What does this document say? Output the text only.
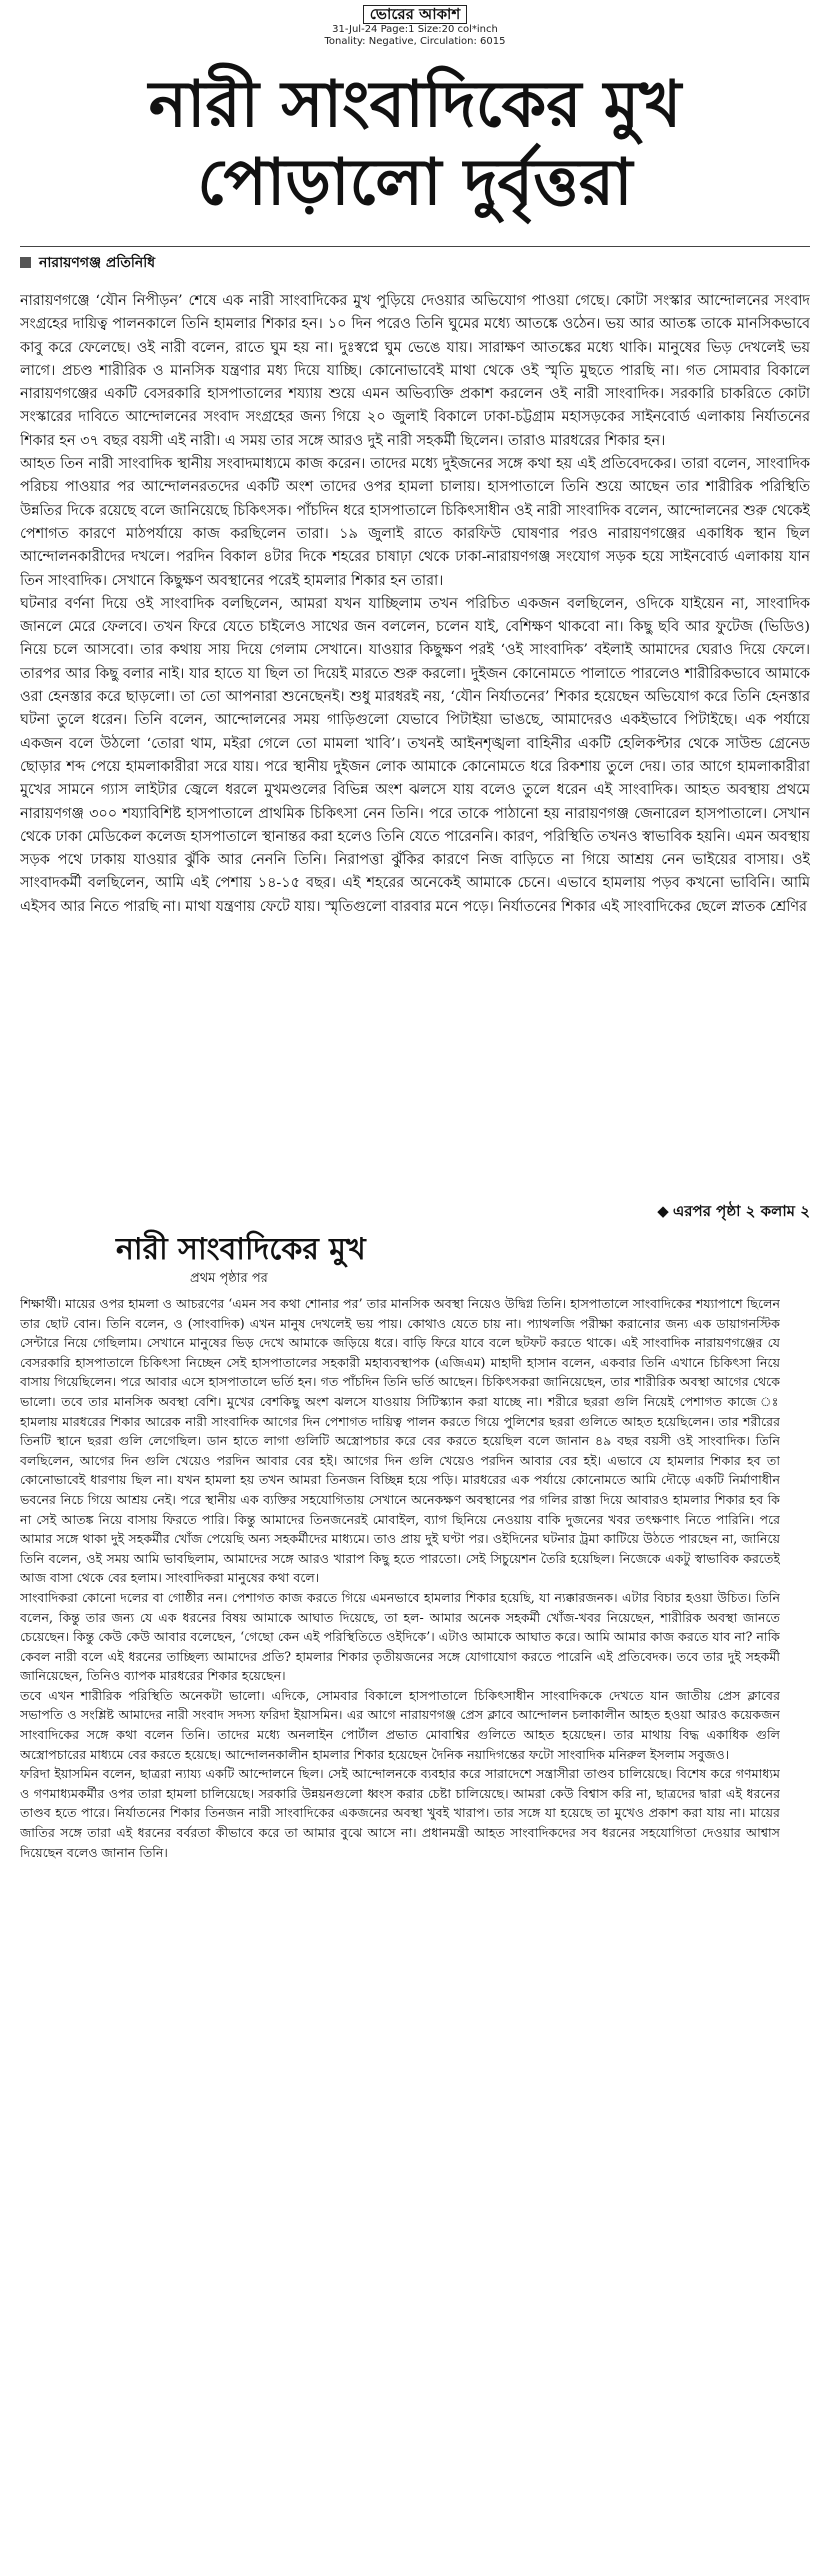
ভোরের আকাশ
31-Jul-24 Page:1 Size:20 col*inch
Tonality: Negative, Circulation: 6015
নারী সাংবাদিকের মুখ
পোড়ালো দুর্বৃত্তরা
নারায়ণগঞ্জ প্রতিনিধি

নারায়ণগঞ্জে ‘যৌন নিপীড়ন’ শেষে এক নারী সাংবাদিকের মুখ পুড়িয়ে দেওয়ার অভিযোগ পাওয়া গেছে। কোটা সংস্কার আন্দোলনের সংবাদ সংগ্রহের দায়িত্ব পালনকালে তিনি হামলার শিকার হন। ১০ দিন পরেও তিনি ঘুমের মধ্যে আতঙ্কে ওঠেন। ভয় আর আতঙ্ক তাকে মানসিকভাবে কাবু করে ফেলেছে। ওই নারী বলেন, রাতে ঘুম হয় না। দুঃস্বপ্নে ঘুম ভেঙে যায়। সারাক্ষণ আতঙ্কের মধ্যে থাকি। মানুষের ভিড় দেখলেই ভয় লাগে। প্রচণ্ড শারীরিক ও মানসিক যন্ত্রণার মধ্য দিয়ে যাচ্ছি। কোনোভাবেই মাথা থেকে ওই স্মৃতি মুছতে পারছি না। গত সোমবার বিকালে নারায়ণগঞ্জের একটি বেসরকারি হাসপাতালের শয্যায় শুয়ে এমন অভিব্যক্তি প্রকাশ করলেন ওই নারী সাংবাদিক। সরকারি চাকরিতে কোটা সংস্কারের দাবিতে আন্দোলনের সংবাদ সংগ্রহের জন্য গিয়ে ২০ জুলাই বিকালে ঢাকা-চট্টগ্রাম মহাসড়কের সাইনবোর্ড এলাকায় নির্যাতনের শিকার হন ৩৭ বছর বয়সী এই নারী। এ সময় তার সঙ্গে আরও দুই নারী সহকর্মী ছিলেন। তারাও মারধরের শিকার হন।

আহত তিন নারী সাংবাদিক স্থানীয় সংবাদমাধ্যমে কাজ করেন। তাদের মধ্যে দুইজনের সঙ্গে কথা হয় এই প্রতিবেদকের। তারা বলেন, সাংবাদিক পরিচয় পাওয়ার পর আন্দোলনরতদের একটি অংশ তাদের ওপর হামলা চালায়। হাসপাতালে তিনি শুয়ে আছেন তার শারীরিক পরিস্থিতি উন্নতির দিকে রয়েছে বলে জানিয়েছে চিকিৎসক। পাঁচদিন ধরে হাসপাতালে চিকিৎসাধীন ওই নারী সাংবাদিক বলেন, আন্দোলনের শুরু থেকেই পেশাগত কারণে মাঠপর্যায়ে কাজ করছিলেন তারা। ১৯ জুলাই রাতে কারফিউ ঘোষণার পরও নারায়ণগঞ্জের একাধিক স্থান ছিল আন্দোলনকারীদের দখলে। পরদিন বিকাল ৪টার দিকে শহরের চাষাঢ়া থেকে ঢাকা-নারায়ণগঞ্জ সংযোগ সড়ক হয়ে সাইনবোর্ড এলাকায় যান তিন সাংবাদিক। সেখানে কিছুক্ষণ অবস্থানের পরেই হামলার শিকার হন তারা।

ঘটনার বর্ণনা দিয়ে ওই সাংবাদিক বলছিলেন, আমরা যখন যাচ্ছিলাম তখন পরিচিত একজন বলছিলেন, ওদিকে যাইয়েন না, সাংবাদিক জানলে মেরে ফেলবে। তখন ফিরে যেতে চাইলেও সাথের জন বললেন, চলেন যাই, বেশিক্ষণ থাকবো না। কিছু ছবি আর ফুটেজ (ভিডিও) নিয়ে চলে আসবো। তার কথায় সায় দিয়ে গেলাম সেখানে। যাওয়ার কিছুক্ষণ পরই ‘ওই সাংবাদিক’ বইলাই আমাদের ঘেরাও দিয়ে ফেলে। তারপর আর কিছু বলার নাই। যার হাতে যা ছিল তা দিয়েই মারতে শুরু করলো। দুইজন কোনোমতে পালাতে পারলেও শারীরিকভাবে আমাকে ওরা হেনস্তার করে ছাড়লো। তা তো আপনারা শুনেছেনই। শুধু মারধরই নয়, ‘যৌন নির্যাতনের’ শিকার হয়েছেন অভিযোগ করে তিনি হেনস্তার ঘটনা তুলে ধরেন। তিনি বলেন, আন্দোলনের সময় গাড়িগুলো যেভাবে পিটাইয়া ভাঙছে, আমাদেরও একইভাবে পিটাইছে। এক পর্যায়ে একজন বলে উঠলো ‘তোরা থাম, মইরা গেলে তো মামলা খাবি’। তখনই আইনশৃঙ্খলা বাহিনীর একটি হেলিকপ্টার থেকে সাউন্ড গ্রেনেড ছোড়ার শব্দ পেয়ে হামলাকারীরা সরে যায়। পরে স্থানীয় দুইজন লোক আমাকে কোনোমতে ধরে রিকশায় তুলে দেয়। তার আগে হামলাকারীরা মুখের সামনে গ্যাস লাইটার জ্বেলে ধরলে মুখমণ্ডলের বিভিন্ন অংশ ঝলসে যায় বলেও তুলে ধরেন এই সাংবাদিক। আহত অবস্থায় প্রথমে নারায়ণগঞ্জ ৩০০ শয্যাবিশিষ্ট হাসপাতালে প্রাথমিক চিকিৎসা নেন তিনি। পরে তাকে পাঠানো হয় নারায়ণগঞ্জ জেনারেল হাসপাতালে। সেখান থেকে ঢাকা মেডিকেল কলেজ হাসপাতালে স্থানান্তর করা হলেও তিনি যেতে পারেননি। কারণ, পরিস্থিতি তখনও স্বাভাবিক হয়নি। এমন অবস্থায় সড়ক পথে ঢাকায় যাওয়ার ঝুঁকি আর নেননি তিনি। নিরাপত্তা ঝুঁকির কারণে নিজ বাড়িতে না গিয়ে আশ্রয় নেন ভাইয়ের বাসায়। ওই সাংবাদকর্মী বলছিলেন, আমি এই পেশায় ১৪-১৫ বছর। এই শহরের অনেকেই আমাকে চেনে। এভাবে হামলায় পড়ব কখনো ভাবিনি। আমি এইসব আর নিতে পারছি না। মাথা যন্ত্রণায় ফেটে যায়। স্মৃতিগুলো বারবার মনে পড়ে। নির্যাতনের শিকার এই সাংবাদিকের ছেলে স্নাতক শ্রেণির

◆ এরপর পৃষ্ঠা ২ কলাম ২
নারী সাংবাদিকের মুখ
প্রথম পৃষ্ঠার পর

শিক্ষার্থী। মায়ের ওপর হামলা ও আচরণের ‘এমন সব কথা শোনার পর’ তার মানসিক অবস্থা নিয়েও উদ্বিগ্ন তিনি। হাসপাতালে সাংবাদিকের শয্যাপাশে ছিলেন তার ছোট বোন। তিনি বলেন, ও (সাংবাদিক) এখন মানুষ দেখলেই ভয় পায়। কোথাও যেতে চায় না। প্যাথলজি পরীক্ষা করানোর জন্য এক ডায়াগনস্টিক সেন্টারে নিয়ে গেছিলাম। সেখানে মানুষের ভিড় দেখে আমাকে জড়িয়ে ধরে। বাড়ি ফিরে যাবে বলে ছটফট করতে থাকে। এই সাংবাদিক নারায়ণগঞ্জের যে বেসরকারি হাসপাতালে চিকিৎসা নিচ্ছেন সেই হাসপাতালের সহকারী মহাব্যবস্থাপক (এজিএম) মাহাদী হাসান বলেন, একবার তিনি এখানে চিকিৎসা নিয়ে বাসায় গিয়েছিলেন। পরে আবার এসে হাসপাতালে ভর্তি হন। গত পাঁচদিন তিনি ভর্তি আছেন। চিকিৎসকরা জানিয়েছেন, তার শারীরিক অবস্থা আগের থেকে ভালো। তবে তার মানসিক অবস্থা বেশি। মুখের বেশকিছু অংশ ঝলসে যাওয়ায় সিটিস্ক্যান করা যাচ্ছে না। শরীরে ছররা গুলি নিয়েই পেশাগত কাজে ঃ হামলায় মারধরের শিকার আরেক নারী সাংবাদিক আগের দিন পেশাগত দায়িত্ব পালন করতে গিয়ে পুলিশের ছররা গুলিতে আহত হয়েছিলেন। তার শরীরের তিনটি স্থানে ছররা গুলি লেগেছিল। ডান হাতে লাগা গুলিটি অস্ত্রোপচার করে বের করতে হয়েছিল বলে জানান ৪৯ বছর বয়সী ওই সাংবাদিক। তিনি বলছিলেন, আগের দিন গুলি খেয়েও পরদিন আবার বের হই। আগের দিন গুলি খেয়েও পরদিন আবার বের হই। এভাবে যে হামলার শিকার হব তা কোনোভাবেই ধারণায় ছিল না। যখন হামলা হয় তখন আমরা তিনজন বিচ্ছিন্ন হয়ে পড়ি। মারধরের এক পর্যায়ে কোনোমতে আমি দৌড়ে একটি নির্মাণাধীন ভবনের নিচে গিয়ে আশ্রয় নেই। পরে স্থানীয় এক ব্যক্তির সহযোগিতায় সেখানে অনেকক্ষণ অবস্থানের পর গলির রাস্তা দিয়ে আবারও হামলার শিকার হব কি না সেই আতঙ্ক নিয়ে বাসায় ফিরতে পারি। কিন্তু আমাদের তিনজনেরই মোবাইল, ব্যাগ ছিনিয়ে নেওয়ায় বাকি দুজনের খবর তৎক্ষণাৎ নিতে পারিনি। পরে আমার সঙ্গে থাকা দুই সহকর্মীর খোঁজ পেয়েছি অন্য সহকর্মীদের মাধ্যমে। তাও প্রায় দুই ঘণ্টা পর। ওইদিনের ঘটনার ট্রমা কাটিয়ে উঠতে পারছেন না, জানিয়ে তিনি বলেন, ওই সময় আমি ভাবছিলাম, আমাদের সঙ্গে আরও খারাপ কিছু হতে পারতো। সেই সিচুয়েশন তৈরি হয়েছিল। নিজেকে একটু স্বাভাবিক করতেই আজ বাসা থেকে বের হলাম। সাংবাদিকরা মানুষের কথা বলে।

সাংবাদিকরা কোনো দলের বা গোষ্ঠীর নন। পেশাগত কাজ করতে গিয়ে এমনভাবে হামলার শিকার হয়েছি, যা ন্যক্কারজনক। এটার বিচার হওয়া উচিত। তিনি বলেন, কিন্তু তার জন্য যে এক ধরনের বিষয় আমাকে আঘাত দিয়েছে, তা হল- আমার অনেক সহকর্মী খোঁজ-খবর নিয়েছেন, শারীরিক অবস্থা জানতে চেয়েছেন। কিন্তু কেউ কেউ আবার বলেছেন, ‘গেছো কেন এই পরিস্থিতিতে ওইদিকে’। এটাও আমাকে আঘাত করে। আমি আমার কাজ করতে যাব না? নাকি কেবল নারী বলে এই ধরনের তাচ্ছিল্য আমাদের প্রতি? হামলার শিকার তৃতীয়জনের সঙ্গে যোগাযোগ করতে পারেনি এই প্রতিবেদক। তবে তার দুই সহকর্মী জানিয়েছেন, তিনিও ব্যাপক মারধরের শিকার হয়েছেন।

তবে এখন শারীরিক পরিস্থিতি অনেকটা ভালো। এদিকে, সোমবার বিকালে হাসপাতালে চিকিৎসাধীন সাংবাদিককে দেখতে যান জাতীয় প্রেস ক্লাবের সভাপতি ও সংশ্লিষ্ট আমাদের নারী সংবাদ সদস্য ফরিদা ইয়াসমিন। এর আগে নারায়ণগঞ্জ প্রেস ক্লাবে আন্দোলন চলাকালীন আহত হওয়া আরও কয়েকজন সাংবাদিকের সঙ্গে কথা বলেন তিনি। তাদের মধ্যে অনলাইন পোর্টাল প্রভাত মোবাশ্বির গুলিতে আহত হয়েছেন। তার মাথায় বিদ্ধ একাধিক গুলি অস্ত্রোপচারের মাধ্যমে বের করতে হয়েছে। আন্দোলনকালীন হামলার শিকার হয়েছেন দৈনিক নয়াদিগন্তের ফটো সাংবাদিক মনিরুল ইসলাম সবুজও।

ফরিদা ইয়াসমিন বলেন, ছাত্ররা ন্যায্য একটি আন্দোলনে ছিল। সেই আন্দোলনকে ব্যবহার করে সারাদেশে সন্ত্রাসীরা তাণ্ডব চালিয়েছে। বিশেষ করে গণমাধ্যম ও গণমাধ্যমকর্মীর ওপর তারা হামলা চালিয়েছে। সরকারি উন্নয়নগুলো ধ্বংস করার চেষ্টা চালিয়েছে। আমরা কেউ বিশ্বাস করি না, ছাত্রদের দ্বারা এই ধরনের তাণ্ডব হতে পারে। নির্যাতনের শিকার তিনজন নারী সাংবাদিকের একজনের অবস্থা খুবই খারাপ। তার সঙ্গে যা হয়েছে তা মুখেও প্রকাশ করা যায় না। মায়ের জাতির সঙ্গে তারা এই ধরনের বর্বরতা কীভাবে করে তা আমার বুঝে আসে না। প্রধানমন্ত্রী আহত সাংবাদিকদের সব ধরনের সহযোগিতা দেওয়ার আশ্বাস দিয়েছেন বলেও জানান তিনি।
